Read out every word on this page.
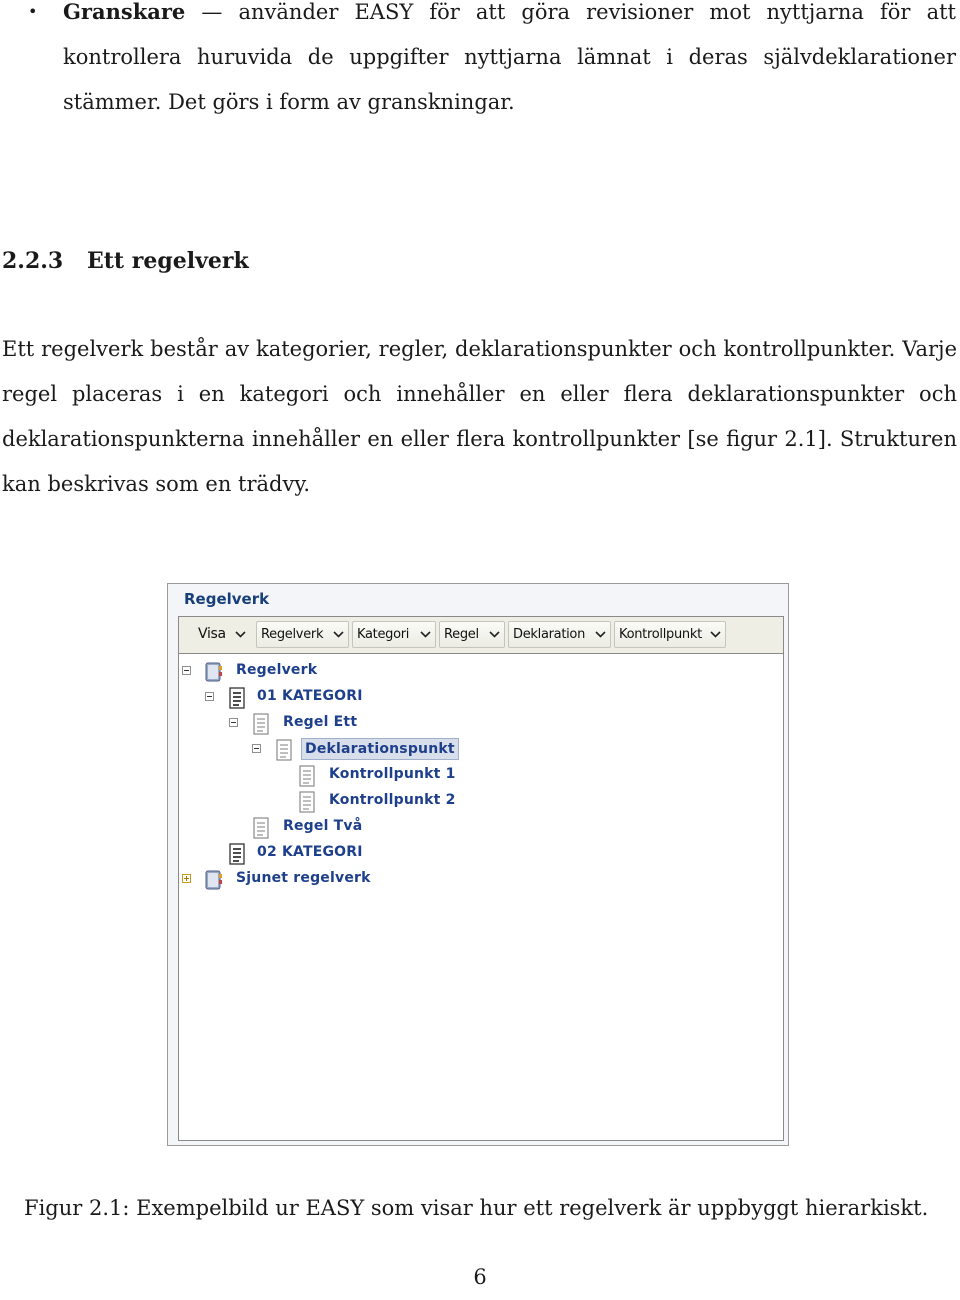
• Granskare — använder EASY för att göra revisioner mot nyttjarna för att kontrollera huruvida de uppgifter nyttjarna lämnat i deras självdeklarationer stämmer. Det görs i form av granskningar.
2.2.3 Ett regelverk
Ett regelverk består av kategorier, regler, deklarationspunkter och kontrollpunkter. Varje regel placeras i en kategori och innehåller en eller flera deklarationspunkter och deklarationspunkterna innehåller en eller flera kontrollpunkter [se figur 2.1]. Strukturen kan beskrivas som en trädvy.
Regelverk
Visa	Regelverk	Kategori	Regel	Deklaration	Kontrollpunkt
Regelverk
01 KATEGORI
Regel Ett
Deklarationspunkt
Kontrollpunkt 1
Kontrollpunkt 2
Regel Två
02 KATEGORI
Sjunet regelverk
Figur 2.1: Exempelbild ur EASY som visar hur ett regelverk är uppbyggt hierarkiskt.
6
